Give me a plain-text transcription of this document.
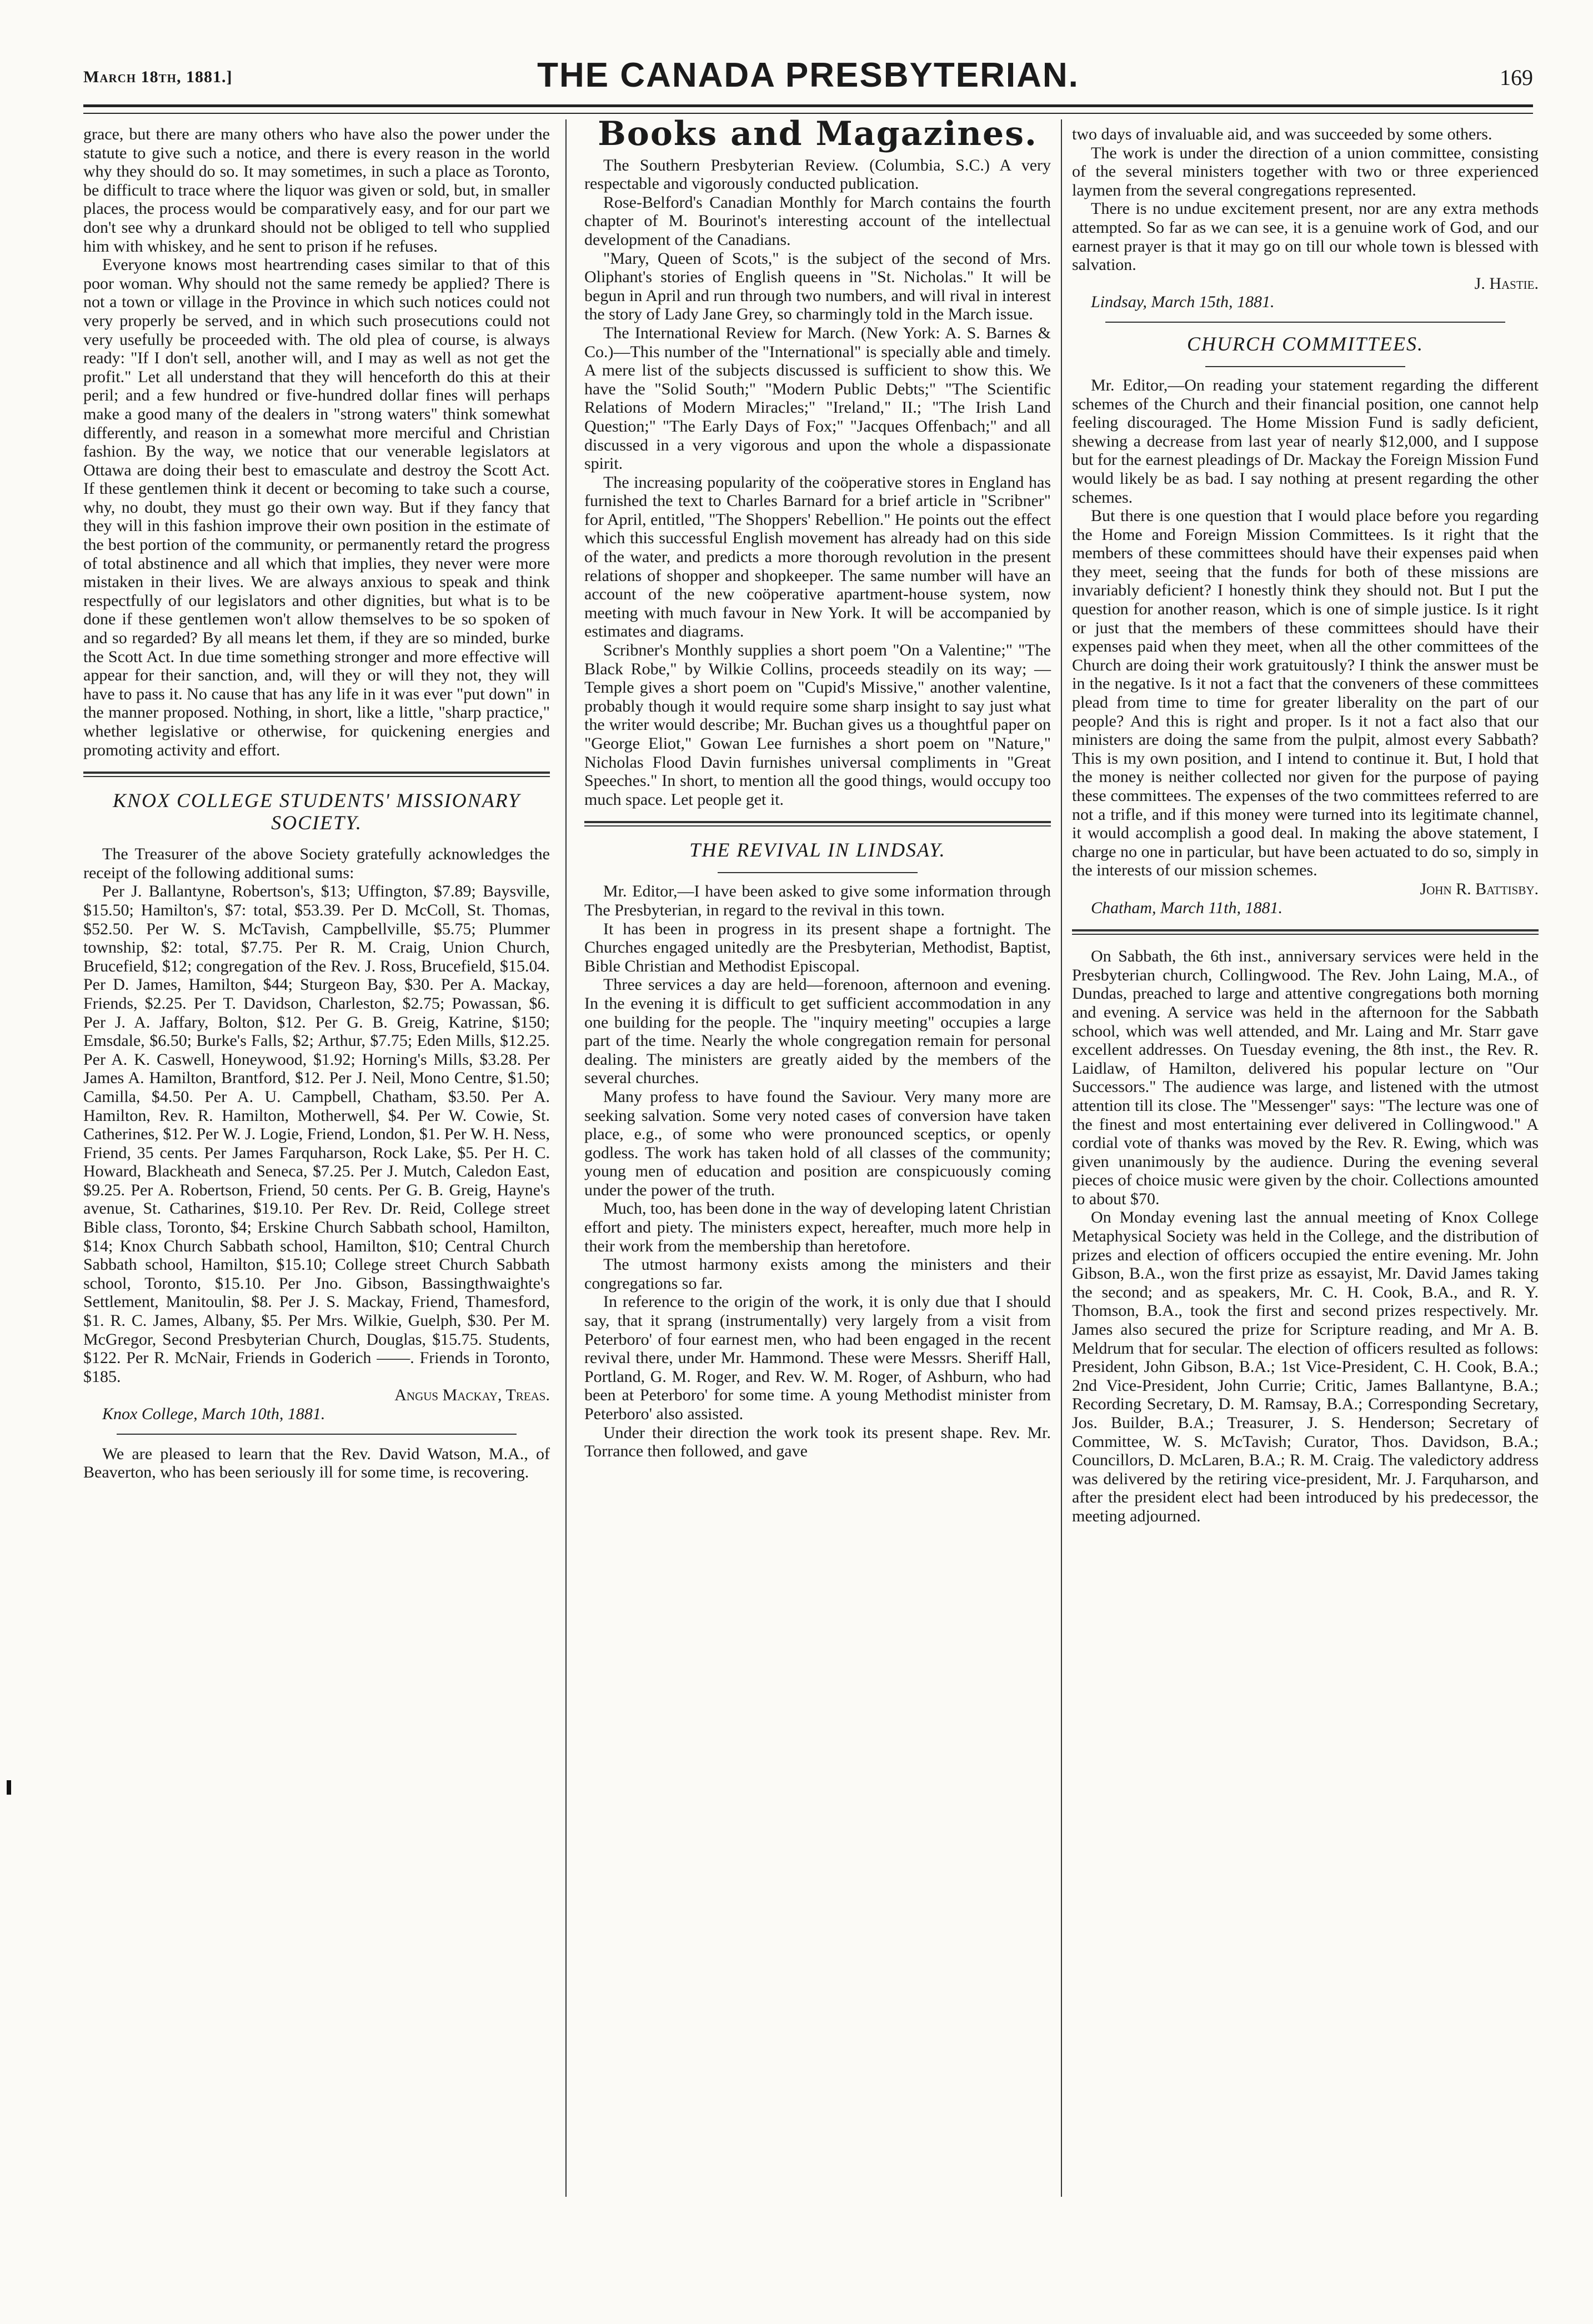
March 18th, 1881.]	THE CANADA PRESBYTERIAN.	169

grace, but there are many others who have also the power under the statute to give such a notice, and there is every reason in the world why they should do so. It may sometimes, in such a place as Toronto, be difficult to trace where the liquor was given or sold, but, in smaller places, the process would be comparatively easy, and for our part we don't see why a drunkard should not be obliged to tell who supplied him with whiskey, and he sent to prison if he refuses.

Everyone knows most heartrending cases similar to that of this poor woman. Why should not the same remedy be applied? There is not a town or village in the Province in which such notices could not very properly be served, and in which such prosecutions could not very usefully be proceeded with. The old plea of course, is always ready: "If I don't sell, another will, and I may as well as not get the profit." Let all understand that they will henceforth do this at their peril; and a few hundred or five-hundred dollar fines will perhaps make a good many of the dealers in "strong waters" think somewhat differently, and reason in a somewhat more merciful and Christian fashion. By the way, we notice that our venerable legislators at Ottawa are doing their best to emasculate and destroy the Scott Act. If these gentlemen think it decent or becoming to take such a course, why, no doubt, they must go their own way. But if they fancy that they will in this fashion improve their own position in the estimate of the best portion of the community, or permanently retard the progress of total abstinence and all which that implies, they never were more mistaken in their lives. We are always anxious to speak and think respectfully of our legislators and other dignities, but what is to be done if these gentlemen won't allow themselves to be so spoken of and so regarded? By all means let them, if they are so minded, burke the Scott Act. In due time something stronger and more effective will appear for their sanction, and, will they or will they not, they will have to pass it. No cause that has any life in it was ever "put down" in the manner proposed. Nothing, in short, like a little, "sharp practice," whether legislative or otherwise, for quickening energies and promoting activity and effort.

KNOX COLLEGE STUDENTS' MISSIONARY SOCIETY.

The Treasurer of the above Society gratefully acknowledges the receipt of the following additional sums:

Per J. Ballantyne, Robertson's, $13; Uffington, $7.89; Baysville, $15.50; Hamilton's, $7: total, $53.39. Per D. McColl, St. Thomas, $52.50. Per W. S. McTavish, Campbellville, $5.75; Plummer township, $2: total, $7.75. Per R. M. Craig, Union Church, Brucefield, $12; congregation of the Rev. J. Ross, Brucefield, $15.04. Per D. James, Hamilton, $44; Sturgeon Bay, $30. Per A. Mackay, Friends, $2.25. Per T. Davidson, Charleston, $2.75; Powassan, $6. Per J. A. Jaffary, Bolton, $12. Per G. B. Greig, Katrine, $150; Emsdale, $6.50; Burke's Falls, $2; Arthur, $7.75; Eden Mills, $12.25. Per A. K. Caswell, Honeywood, $1.92; Horning's Mills, $3.28. Per James A. Hamilton, Brantford, $12. Per J. Neil, Mono Centre, $1.50; Camilla, $4.50. Per A. U. Campbell, Chatham, $3.50. Per A. Hamilton, Rev. R. Hamilton, Motherwell, $4. Per W. Cowie, St. Catherines, $12. Per W. J. Logie, Friend, London, $1. Per W. H. Ness, Friend, 35 cents. Per James Farquharson, Rock Lake, $5. Per H. C. Howard, Blackheath and Seneca, $7.25. Per J. Mutch, Caledon East, $9.25. Per A. Robertson, Friend, 50 cents. Per G. B. Greig, Hayne's avenue, St. Catharines, $19.10. Per Rev. Dr. Reid, College street Bible class, Toronto, $4; Erskine Church Sabbath school, Hamilton, $14; Knox Church Sabbath school, Hamilton, $10; Central Church Sabbath school, Hamilton, $15.10; College street Church Sabbath school, Toronto, $15.10. Per Jno. Gibson, Bassingthwaighte's Settlement, Manitoulin, $8. Per J. S. Mackay, Friend, Thamesford, $1. R. C. James, Albany, $5. Per Mrs. Wilkie, Guelph, $30. Per M. McGregor, Second Presbyterian Church, Douglas, $15.75. Students, $122. Per R. McNair, Friends in Goderich ——. Friends in Toronto, $185.

Angus Mackay, Treas.

Knox College, March 10th, 1881.

We are pleased to learn that the Rev. David Watson, M.A., of Beaverton, who has been seriously ill for some time, is recovering.

Books and Magazines.

The Southern Presbyterian Review. (Columbia, S.C.) A very respectable and vigorously conducted publication.

Rose-Belford's Canadian Monthly for March contains the fourth chapter of M. Bourinot's interesting account of the intellectual development of the Canadians.

"Mary, Queen of Scots," is the subject of the second of Mrs. Oliphant's stories of English queens in "St. Nicholas." It will be begun in April and run through two numbers, and will rival in interest the story of Lady Jane Grey, so charmingly told in the March issue.

The International Review for March. (New York: A. S. Barnes & Co.)—This number of the "International" is specially able and timely. A mere list of the subjects discussed is sufficient to show this. We have the "Solid South;" "Modern Public Debts;" "The Scientific Relations of Modern Miracles;" "Ireland," II.; "The Irish Land Question;" "The Early Days of Fox;" "Jacques Offenbach;" and all discussed in a very vigorous and upon the whole a dispassionate spirit.

The increasing popularity of the coöperative stores in England has furnished the text to Charles Barnard for a brief article in "Scribner" for April, entitled, "The Shoppers' Rebellion." He points out the effect which this successful English movement has already had on this side of the water, and predicts a more thorough revolution in the present relations of shopper and shopkeeper. The same number will have an account of the new coöperative apartment-house system, now meeting with much favour in New York. It will be accompanied by estimates and diagrams.

Scribner's Monthly supplies a short poem "On a Valentine;" "The Black Robe," by Wilkie Collins, proceeds steadily on its way; — Temple gives a short poem on "Cupid's Missive," another valentine, probably though it would require some sharp insight to say just what the writer would describe; Mr. Buchan gives us a thoughtful paper on "George Eliot," Gowan Lee furnishes a short poem on "Nature," Nicholas Flood Davin furnishes universal compliments in "Great Speeches." In short, to mention all the good things, would occupy too much space. Let people get it.

THE REVIVAL IN LINDSAY.

Mr. Editor,—I have been asked to give some information through The Presbyterian, in regard to the revival in this town.

It has been in progress in its present shape a fortnight. The Churches engaged unitedly are the Presbyterian, Methodist, Baptist, Bible Christian and Methodist Episcopal.

Three services a day are held—forenoon, afternoon and evening. In the evening it is difficult to get sufficient accommodation in any one building for the people. The "inquiry meeting" occupies a large part of the time. Nearly the whole congregation remain for personal dealing. The ministers are greatly aided by the members of the several churches.

Many profess to have found the Saviour. Very many more are seeking salvation. Some very noted cases of conversion have taken place, e.g., of some who were pronounced sceptics, or openly godless. The work has taken hold of all classes of the community; young men of education and position are conspicuously coming under the power of the truth.

Much, too, has been done in the way of developing latent Christian effort and piety. The ministers expect, hereafter, much more help in their work from the membership than heretofore.

The utmost harmony exists among the ministers and their congregations so far.

In reference to the origin of the work, it is only due that I should say, that it sprang (instrumentally) very largely from a visit from Peterboro' of four earnest men, who had been engaged in the recent revival there, under Mr. Hammond. These were Messrs. Sheriff Hall, Portland, G. M. Roger, and Rev. W. M. Roger, of Ashburn, who had been at Peterboro' for some time. A young Methodist minister from Peterboro' also assisted.

Under their direction the work took its present shape. Rev. Mr. Torrance then followed, and gave

two days of invaluable aid, and was succeeded by some others.

The work is under the direction of a union committee, consisting of the several ministers together with two or three experienced laymen from the several congregations represented.

There is no undue excitement present, nor are any extra methods attempted. So far as we can see, it is a genuine work of God, and our earnest prayer is that it may go on till our whole town is blessed with salvation.

J. Hastie.

Lindsay, March 15th, 1881.

CHURCH COMMITTEES.

Mr. Editor,—On reading your statement regarding the different schemes of the Church and their financial position, one cannot help feeling discouraged. The Home Mission Fund is sadly deficient, shewing a decrease from last year of nearly $12,000, and I suppose but for the earnest pleadings of Dr. Mackay the Foreign Mission Fund would likely be as bad. I say nothing at present regarding the other schemes.

But there is one question that I would place before you regarding the Home and Foreign Mission Committees. Is it right that the members of these committees should have their expenses paid when they meet, seeing that the funds for both of these missions are invariably deficient? I honestly think they should not. But I put the question for another reason, which is one of simple justice. Is it right or just that the members of these committees should have their expenses paid when they meet, when all the other committees of the Church are doing their work gratuitously? I think the answer must be in the negative. Is it not a fact that the conveners of these committees plead from time to time for greater liberality on the part of our people? And this is right and proper. Is it not a fact also that our ministers are doing the same from the pulpit, almost every Sabbath? This is my own position, and I intend to continue it. But, I hold that the money is neither collected nor given for the purpose of paying these committees. The expenses of the two committees referred to are not a trifle, and if this money were turned into its legitimate channel, it would accomplish a good deal. In making the above statement, I charge no one in particular, but have been actuated to do so, simply in the interests of our mission schemes.

John R. Battisby.

Chatham, March 11th, 1881.

On Sabbath, the 6th inst., anniversary services were held in the Presbyterian church, Collingwood. The Rev. John Laing, M.A., of Dundas, preached to large and attentive congregations both morning and evening. A service was held in the afternoon for the Sabbath school, which was well attended, and Mr. Laing and Mr. Starr gave excellent addresses. On Tuesday evening, the 8th inst., the Rev. R. Laidlaw, of Hamilton, delivered his popular lecture on "Our Successors." The audience was large, and listened with the utmost attention till its close. The "Messenger" says: "The lecture was one of the finest and most entertaining ever delivered in Collingwood." A cordial vote of thanks was moved by the Rev. R. Ewing, which was given unanimously by the audience. During the evening several pieces of choice music were given by the choir. Collections amounted to about $70.

On Monday evening last the annual meeting of Knox College Metaphysical Society was held in the College, and the distribution of prizes and election of officers occupied the entire evening. Mr. John Gibson, B.A., won the first prize as essayist, Mr. David James taking the second; and as speakers, Mr. C. H. Cook, B.A., and R. Y. Thomson, B.A., took the first and second prizes respectively. Mr. James also secured the prize for Scripture reading, and Mr A. B. Meldrum that for secular. The election of officers resulted as follows: President, John Gibson, B.A.; 1st Vice-President, C. H. Cook, B.A.; 2nd Vice-President, John Currie; Critic, James Ballantyne, B.A.; Recording Secretary, D. M. Ramsay, B.A.; Corresponding Secretary, Jos. Builder, B.A.; Treasurer, J. S. Henderson; Secretary of Committee, W. S. McTavish; Curator, Thos. Davidson, B.A.; Councillors, D. McLaren, B.A.; R. M. Craig. The valedictory address was delivered by the retiring vice-president, Mr. J. Farquharson, and after the president elect had been introduced by his predecessor, the meeting adjourned.
